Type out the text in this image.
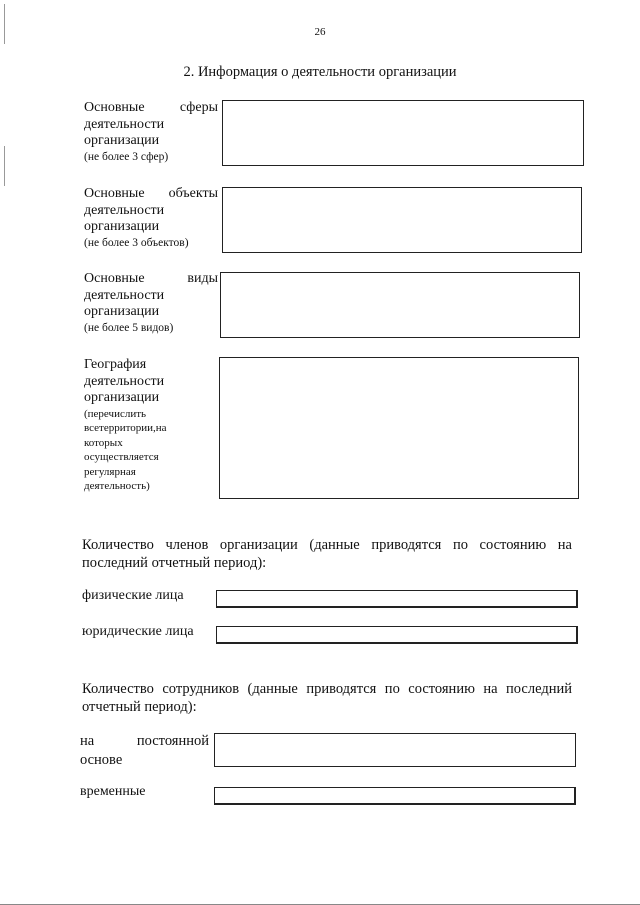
26
2. Информация о деятельности организации
Основные	сферы
деятельности
организации
(не более 3 сфер)
Основные объекты
деятельности
организации
(не более 3 объектов)
Основные	виды
деятельности
организации
(не более 5 видов)
География
деятельности
организации
(перечислить
всетерритории,на
которых
осуществляется
регулярная
деятельность)
Количество членов организации (данные приводятся по состоянию на последний отчетный период):
физические лица
юридические лица
Количество сотрудников (данные приводятся по состоянию на последний отчетный период):
на	постоянной
основе
временные
